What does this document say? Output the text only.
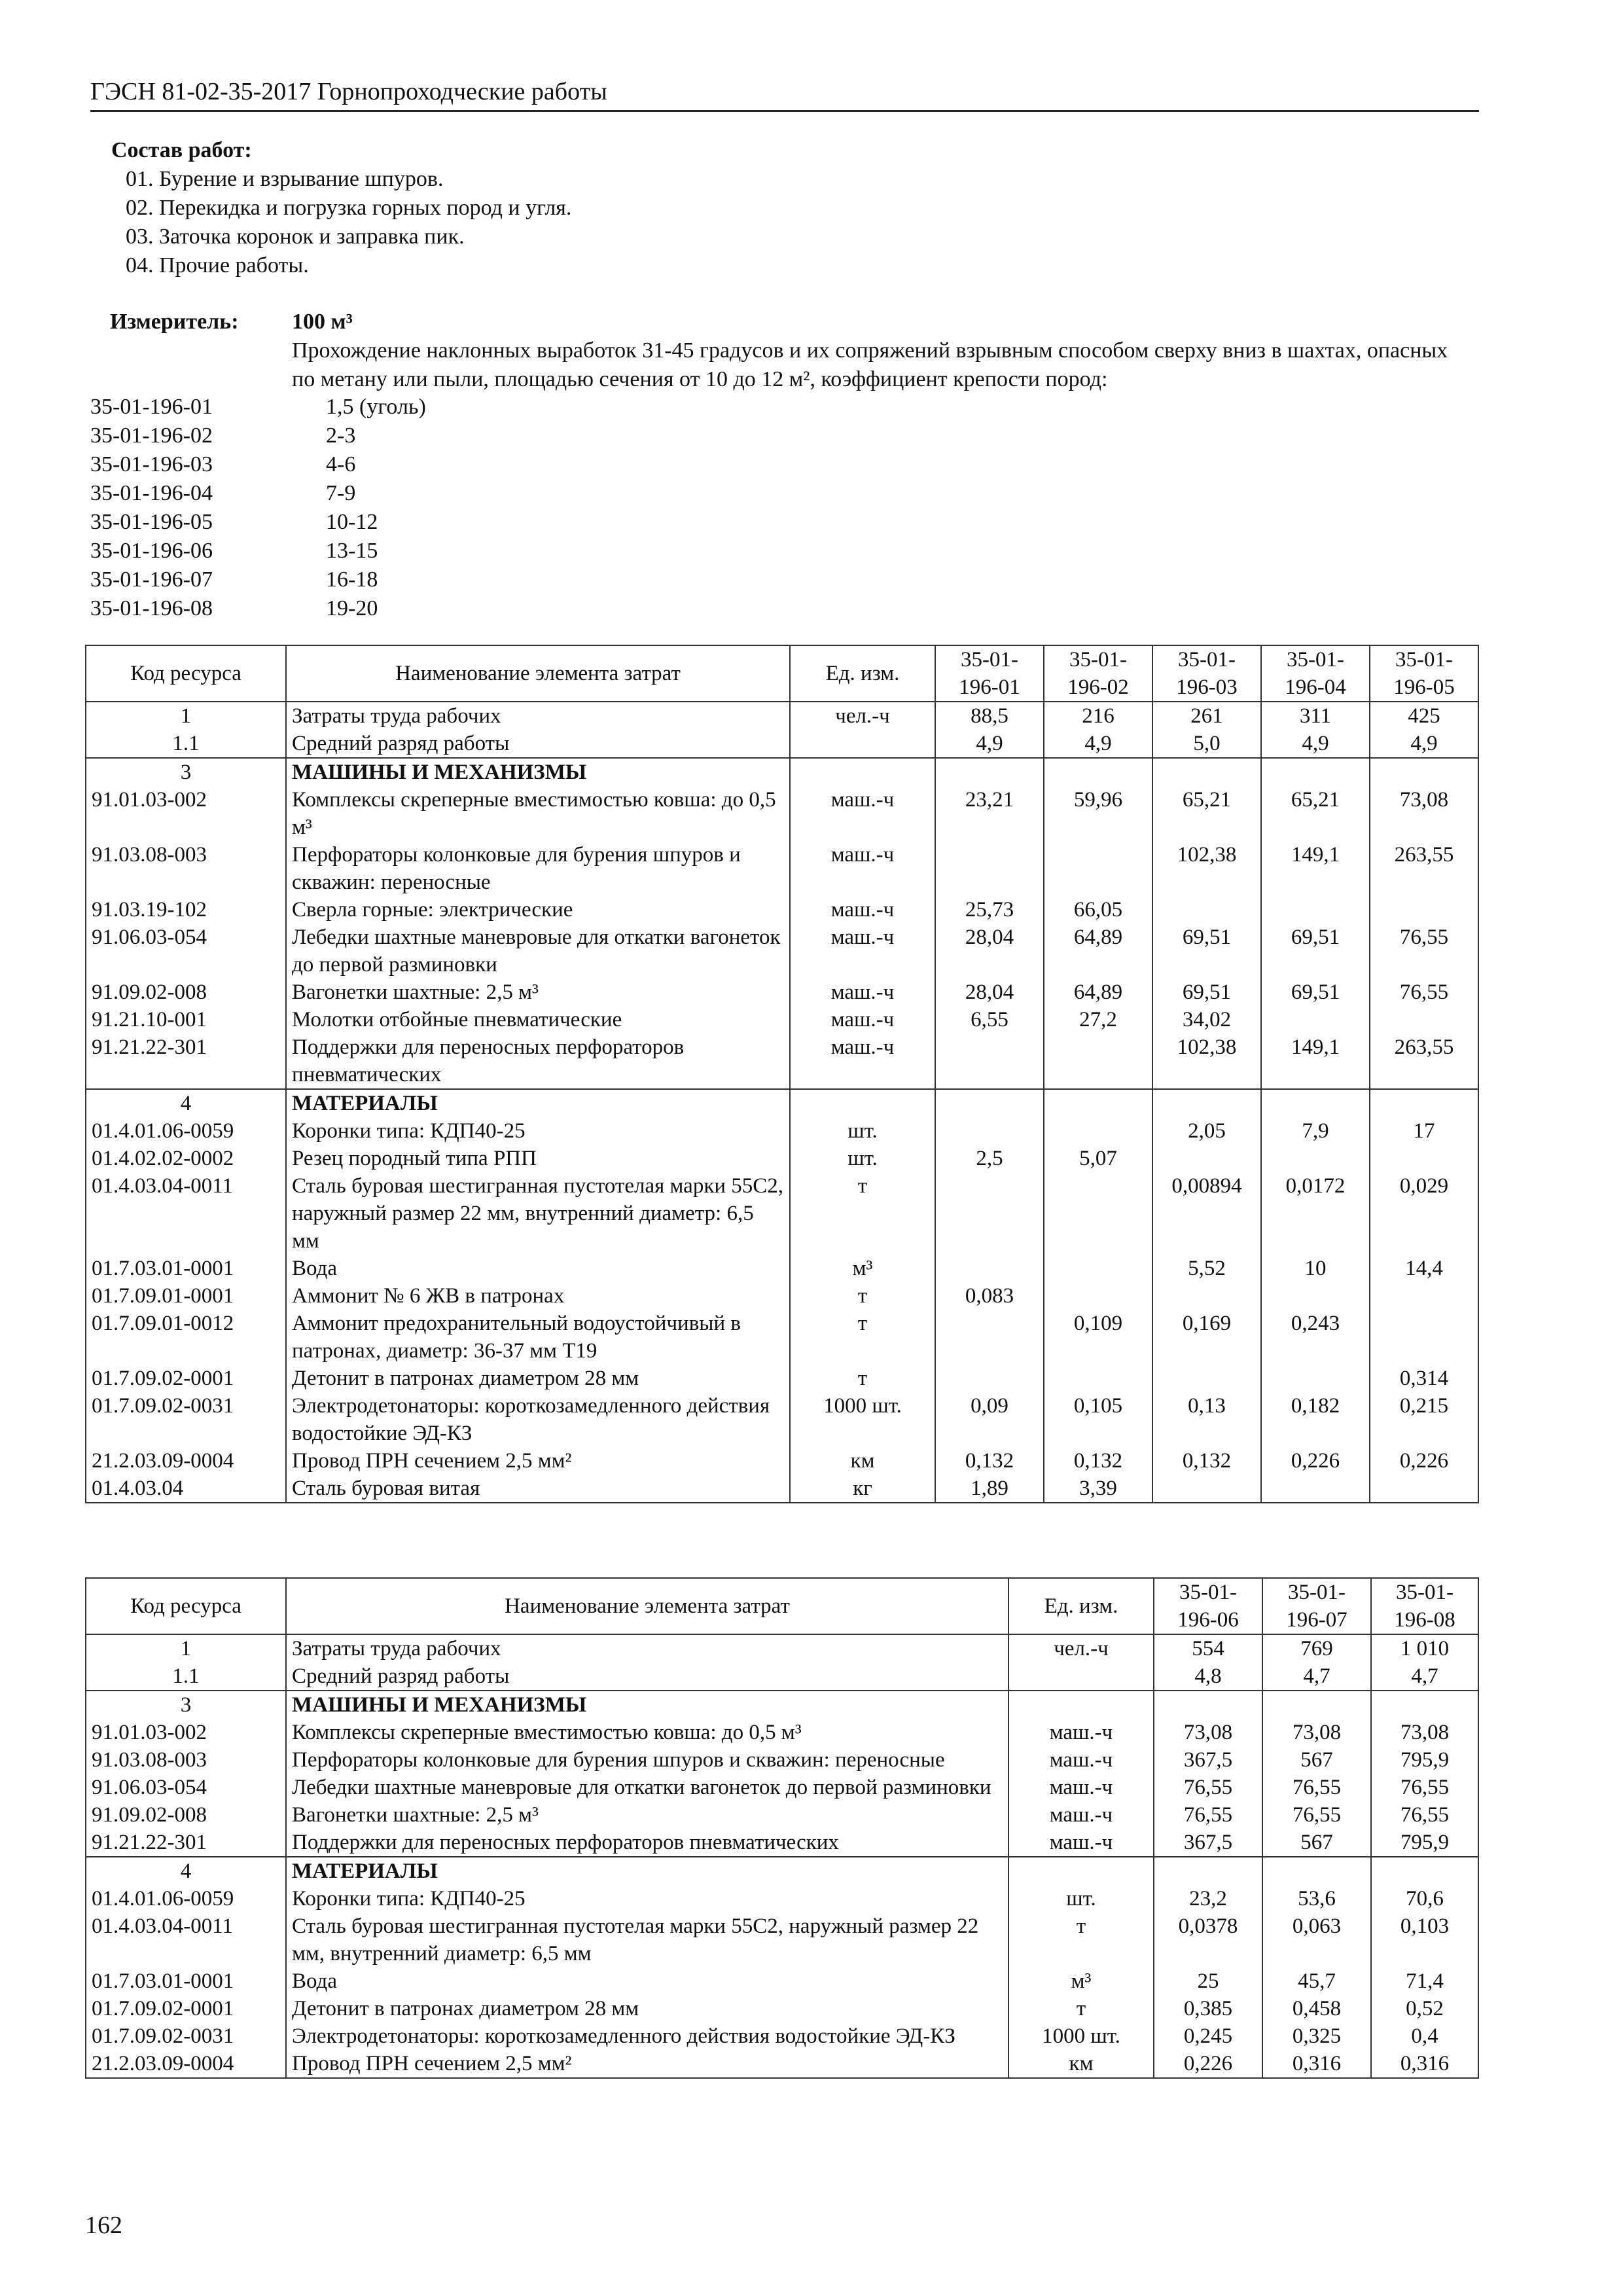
ГЭСН 81-02-35-2017 Горнопроходческие работы
Состав работ:
01. Бурение и взрывание шпуров.
02. Перекидка и погрузка горных пород и угля.
03. Заточка коронок и заправка пик.
04. Прочие работы.
Измеритель: 100 м³
Прохождение наклонных выработок 31-45 градусов и их сопряжений взрывным способом сверху вниз в шахтах, опасных по метану или пыли, площадью сечения от 10 до 12 м², коэффициент крепости пород:
35-01-196-01	1,5 (уголь)
35-01-196-02	2-3
35-01-196-03	4-6
35-01-196-04	7-9
35-01-196-05	10-12
35-01-196-06	13-15
35-01-196-07	16-18
35-01-196-08	19-20
Код ресурса	Наименование элемента затрат	Ед. изм.	35-01-196-01	35-01-196-02	35-01-196-03	35-01-196-04	35-01-196-05
1	Затраты труда рабочих	чел.-ч	88,5	216	261	311	425
1.1	Средний разряд работы		4,9	4,9	5,0	4,9	4,9
3	МАШИНЫ И МЕХАНИЗМЫ						
91.01.03-002	Комплексы скреперные вместимостью ковша: до 0,5 м³	маш.-ч	23,21	59,96	65,21	65,21	73,08
91.03.08-003	Перфораторы колонковые для бурения шпуров и скважин: переносные	маш.-ч			102,38	149,1	263,55
91.03.19-102	Сверла горные: электрические	маш.-ч	25,73	66,05			
91.06.03-054	Лебедки шахтные маневровые для откатки вагонеток до первой разминовки	маш.-ч	28,04	64,89	69,51	69,51	76,55
91.09.02-008	Вагонетки шахтные: 2,5 м³	маш.-ч	28,04	64,89	69,51	69,51	76,55
91.21.10-001	Молотки отбойные пневматические	маш.-ч	6,55	27,2	34,02		
91.21.22-301	Поддержки для переносных перфораторов пневматических	маш.-ч			102,38	149,1	263,55
4	МАТЕРИАЛЫ						
01.4.01.06-0059	Коронки типа: КДП40-25	шт.			2,05	7,9	17
01.4.02.02-0002	Резец породный типа РПП	шт.	2,5	5,07			
01.4.03.04-0011	Сталь буровая шестигранная пустотелая марки 55С2, наружный размер 22 мм, внутренний диаметр: 6,5 мм	т			0,00894	0,0172	0,029
01.7.03.01-0001	Вода	м³			5,52	10	14,4
01.7.09.01-0001	Аммонит № 6 ЖВ в патронах	т	0,083				
01.7.09.01-0012	Аммонит предохранительный водоустойчивый в патронах, диаметр: 36-37 мм Т19	т		0,109	0,169	0,243	
01.7.09.02-0001	Детонит в патронах диаметром 28 мм	т					0,314
01.7.09.02-0031	Электродетонаторы: короткозамедленного действия водостойкие ЭД-КЗ	1000 шт.	0,09	0,105	0,13	0,182	0,215
21.2.03.09-0004	Провод ПРН сечением 2,5 мм²	км	0,132	0,132	0,132	0,226	0,226
01.4.03.04	Сталь буровая витая	кг	1,89	3,39			
Код ресурса	Наименование элемента затрат	Ед. изм.	35-01-196-06	35-01-196-07	35-01-196-08
1	Затраты труда рабочих	чел.-ч	554	769	1 010
1.1	Средний разряд работы		4,8	4,7	4,7
3	МАШИНЫ И МЕХАНИЗМЫ				
91.01.03-002	Комплексы скреперные вместимостью ковша: до 0,5 м³	маш.-ч	73,08	73,08	73,08
91.03.08-003	Перфораторы колонковые для бурения шпуров и скважин: переносные	маш.-ч	367,5	567	795,9
91.06.03-054	Лебедки шахтные маневровые для откатки вагонеток до первой разминовки	маш.-ч	76,55	76,55	76,55
91.09.02-008	Вагонетки шахтные: 2,5 м³	маш.-ч	76,55	76,55	76,55
91.21.22-301	Поддержки для переносных перфораторов пневматических	маш.-ч	367,5	567	795,9
4	МАТЕРИАЛЫ				
01.4.01.06-0059	Коронки типа: КДП40-25	шт.	23,2	53,6	70,6
01.4.03.04-0011	Сталь буровая шестигранная пустотелая марки 55С2, наружный размер 22 мм, внутренний диаметр: 6,5 мм	т	0,0378	0,063	0,103
01.7.03.01-0001	Вода	м³	25	45,7	71,4
01.7.09.02-0001	Детонит в патронах диаметром 28 мм	т	0,385	0,458	0,52
01.7.09.02-0031	Электродетонаторы: короткозамедленного действия водостойкие ЭД-КЗ	1000 шт.	0,245	0,325	0,4
21.2.03.09-0004	Провод ПРН сечением 2,5 мм²	км	0,226	0,316	0,316
162
